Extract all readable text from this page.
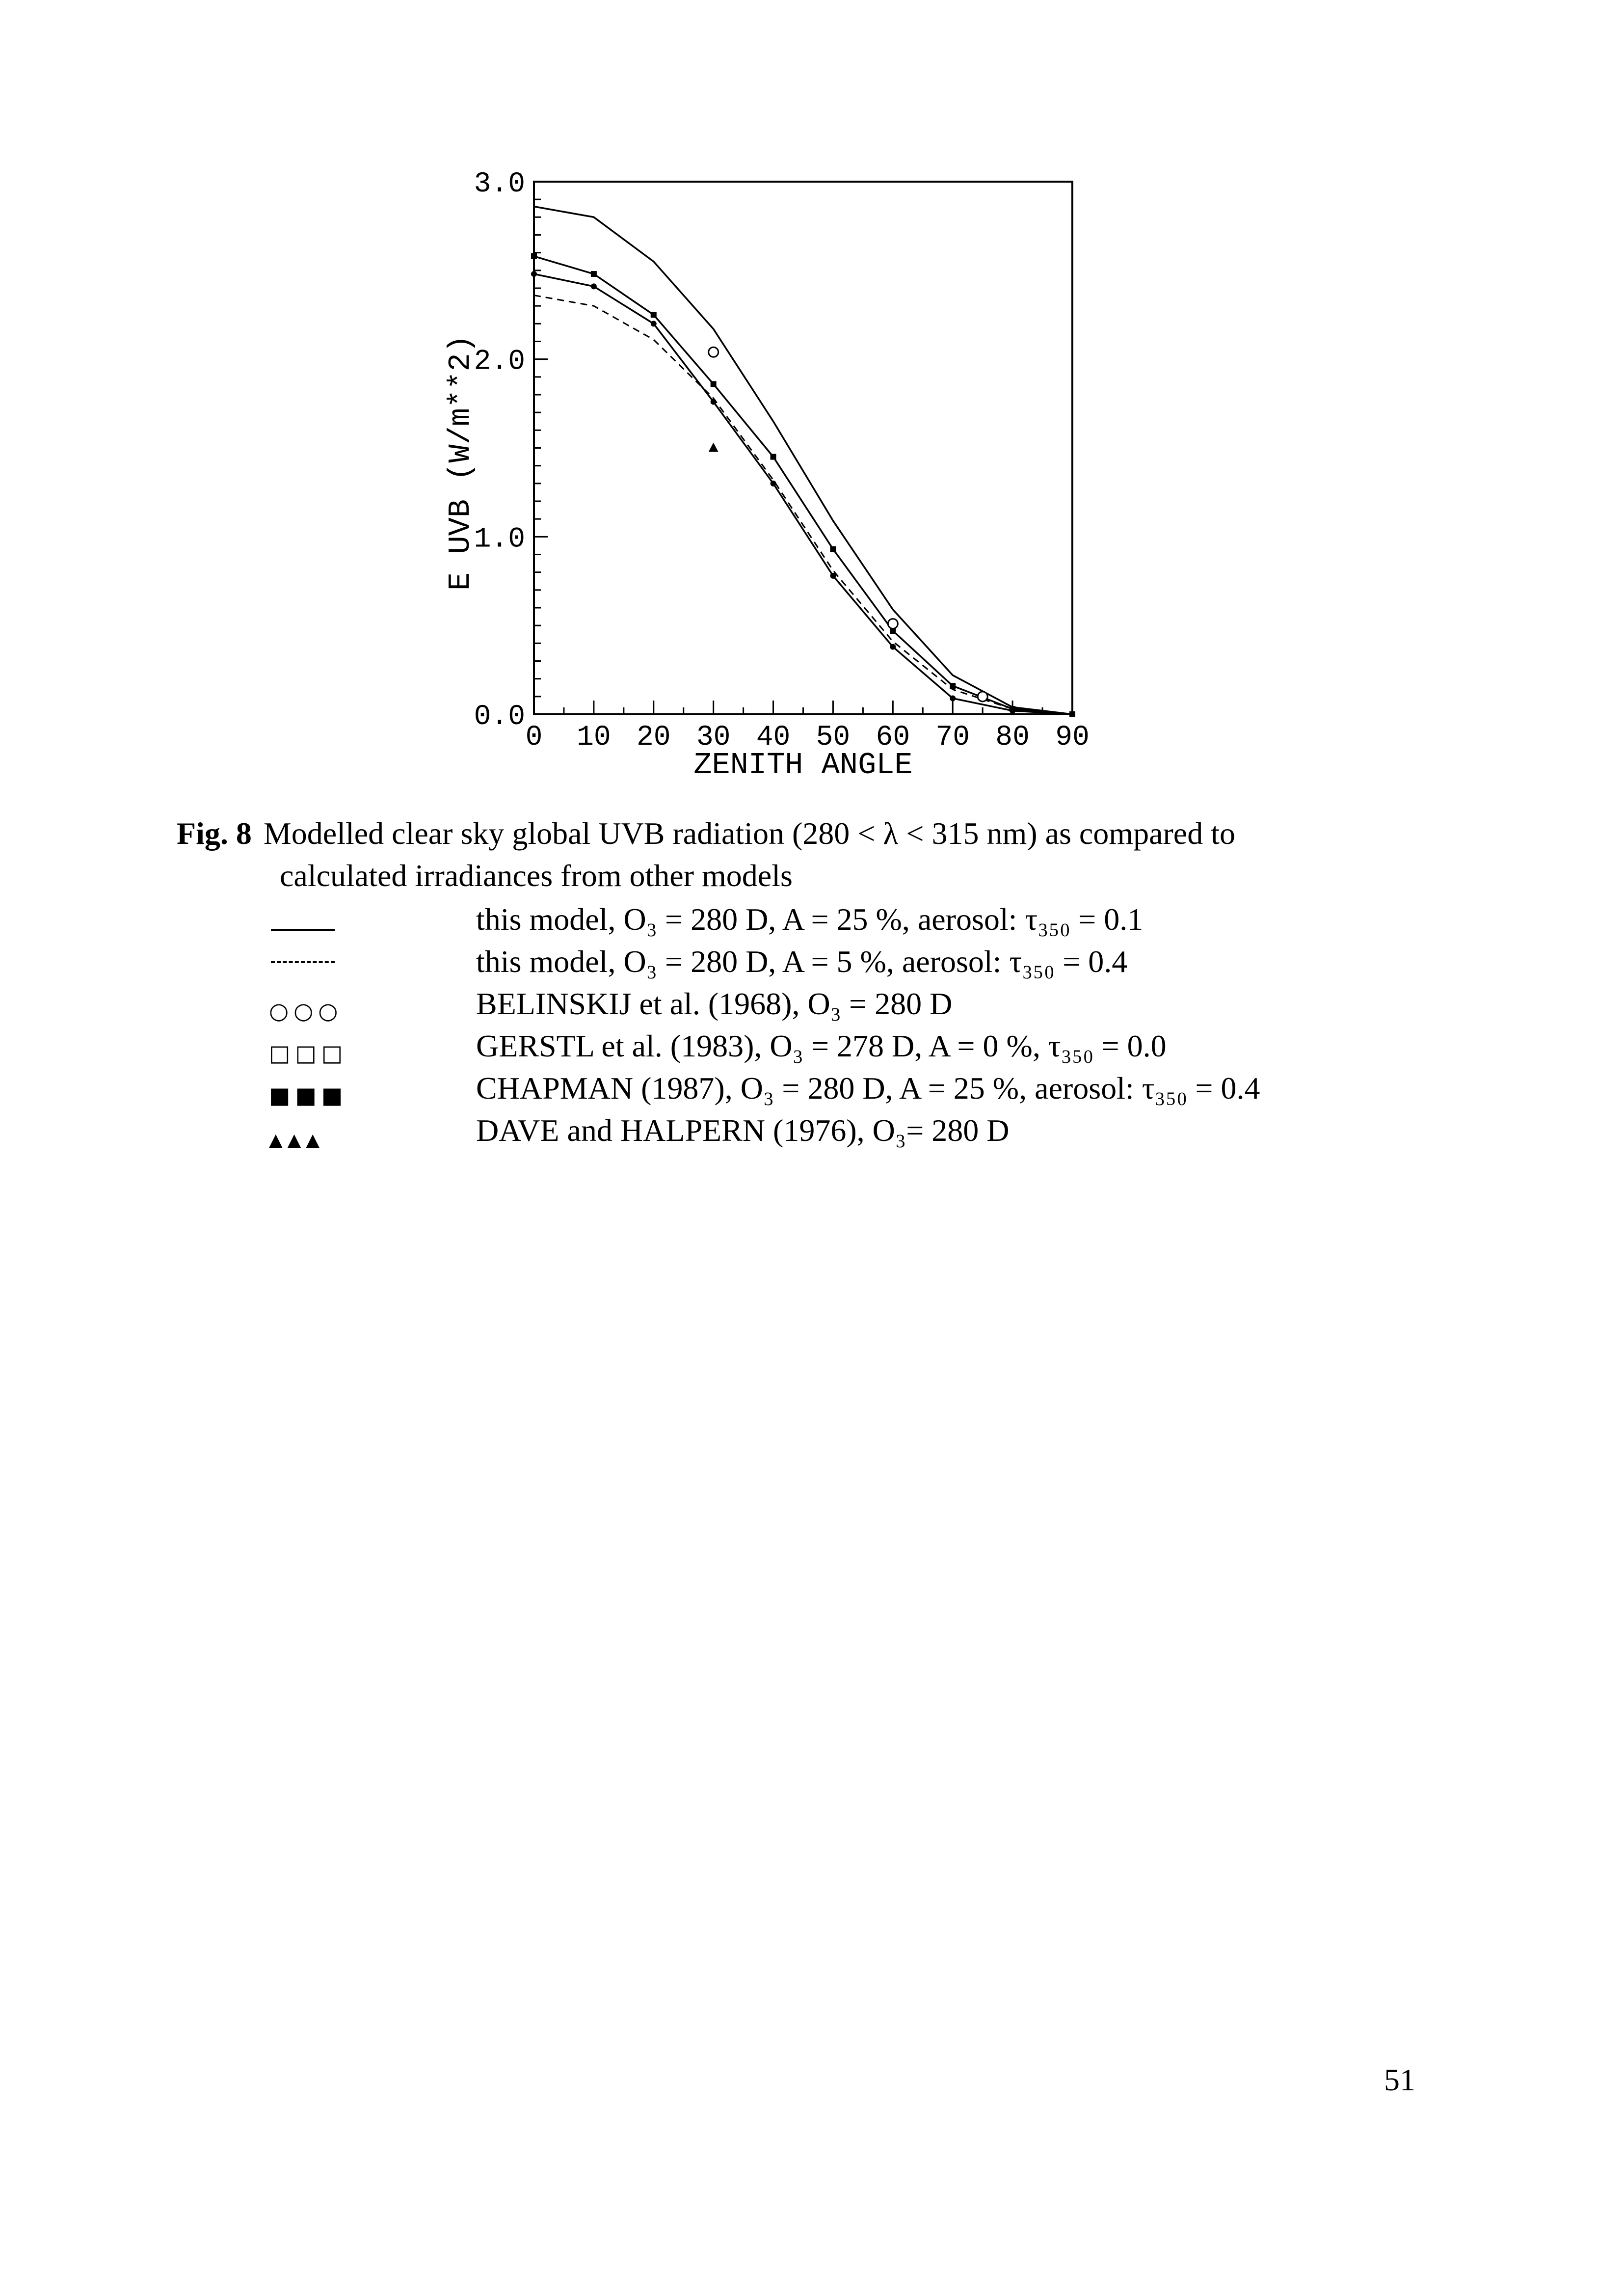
0 10 20 30 40 50 60 70 80 90
0.0
1.0
2.0
3.0
ZENITH ANGLE
E UVB (W/m**2)
Fig. 8 Modelled clear sky global UVB radiation (280 < λ < 315 nm) as compared to
calculated irradiances from other models
this model, O₃ = 280 D, A = 25 %, aerosol: τ₃₅₀ = 0.1
this model, O₃ = 280 D, A = 5 %, aerosol: τ₃₅₀ = 0.4
○○○	BELINSKIJ et al. (1968), O₃ = 280 D
□□□	GERSTL et al. (1983), O₃ = 278 D, A = 0 %, τ₃₅₀ = 0.0
■■■	CHAPMAN (1987), O₃ = 280 D, A = 25 %, aerosol: τ₃₅₀ = 0.4
▲▲▲	DAVE and HALPERN (1976), O₃= 280 D
51
